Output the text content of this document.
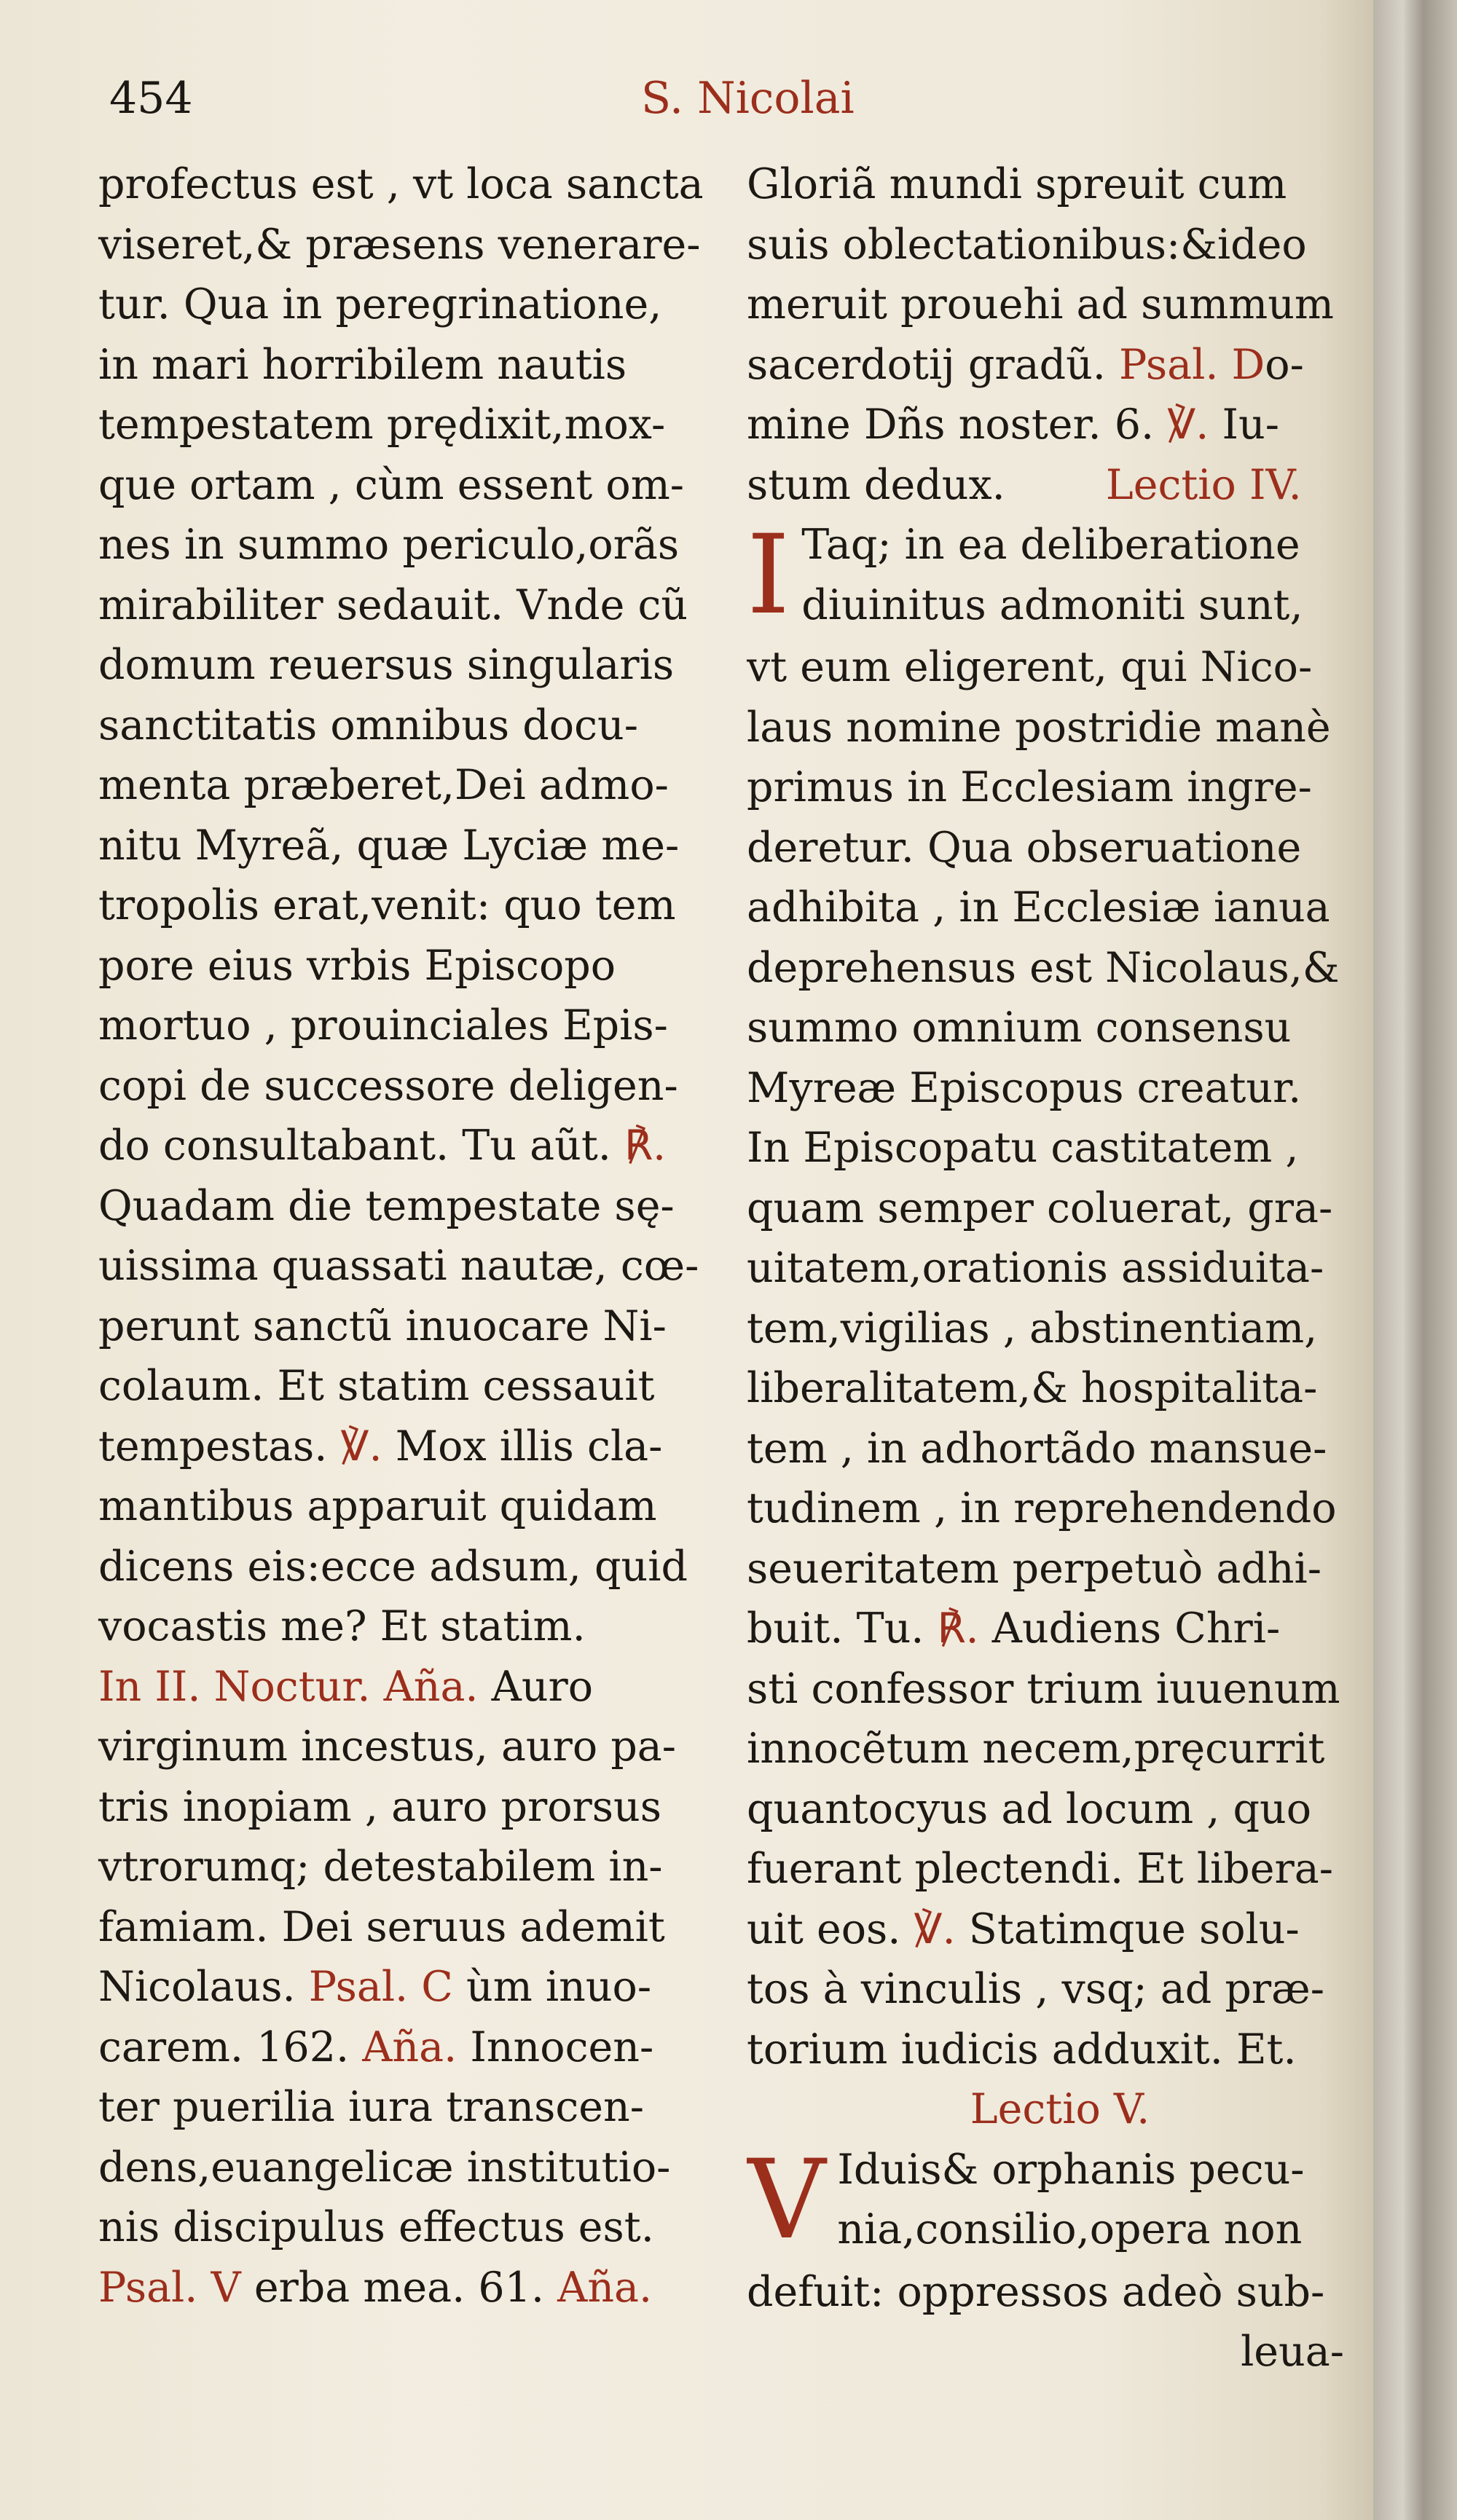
454	S. Nicolai
profectus est , vt loca sancta
viseret,& præsens venerare-
tur. Qua in peregrinatione,
in mari horribilem nautis
tempestatem prędixit,mox-
que ortam , cùm essent om-
nes in summo periculo,orãs
mirabiliter sedauit. Vnde cũ
domum reuersus singularis
sanctitatis omnibus docu-
menta præberet,Dei admo-
nitu Myreã, quæ Lyciæ me-
tropolis erat,venit: quo tem
pore eius vrbis Episcopo
mortuo , prouinciales Epis-
copi de successore deligen-
do consultabant. Tu aũt. ℟.
Quadam die tempestate sę-
uissima quassati nautæ, cœ-
perunt sanctũ inuocare Ni-
colaum. Et statim cessauit
tempestas. ℣. Mox illis cla-
mantibus apparuit quidam
dicens eis:ecce adsum, quid
vocastis me? Et statim.
In II. Noctur. Aña. Auro
virginum incestus, auro pa-
tris inopiam , auro prorsus
vtrorumq; detestabilem in-
famiam. Dei seruus ademit
Nicolaus. Psal. C ùm inuo-
carem. 162. Aña. Innocen-
ter puerilia iura transcen-
dens,euangelicæ institutio-
nis discipulus effectus est.
Psal. V erba mea. 61. Aña.
Gloriã mundi spreuit cum
suis oblectationibus:&ideo
meruit prouehi ad summum
sacerdotij gradũ. Psal. Do-
mine Dñs noster. 6. ℣. Iu-
stum dedux. Lectio IV.
I Taq; in ea deliberatione
diuinitus admoniti sunt,
vt eum eligerent, qui Nico-
laus nomine postridie manè
primus in Ecclesiam ingre-
deretur. Qua obseruatione
adhibita , in Ecclesiæ ianua
deprehensus est Nicolaus,&
summo omnium consensu
Myreæ Episcopus creatur.
In Episcopatu castitatem ,
quam semper coluerat, gra-
uitatem,orationis assiduita-
tem,vigilias , abstinentiam,
liberalitatem,& hospitalita-
tem , in adhortãdo mansue-
tudinem , in reprehendendo
seueritatem perpetuò adhi-
buit. Tu. ℟. Audiens Chri-
sti confessor trium iuuenum
innocẽtum necem,pręcurrit
quantocyus ad locum , quo
fuerant plectendi. Et libera-
uit eos. ℣. Statimque solu-
tos à vinculis , vsq; ad præ-
torium iudicis adduxit. Et.
Lectio V.
V Iduis& orphanis pecu-
nia,consilio,opera non
defuit: oppressos adeò sub-
leua-
